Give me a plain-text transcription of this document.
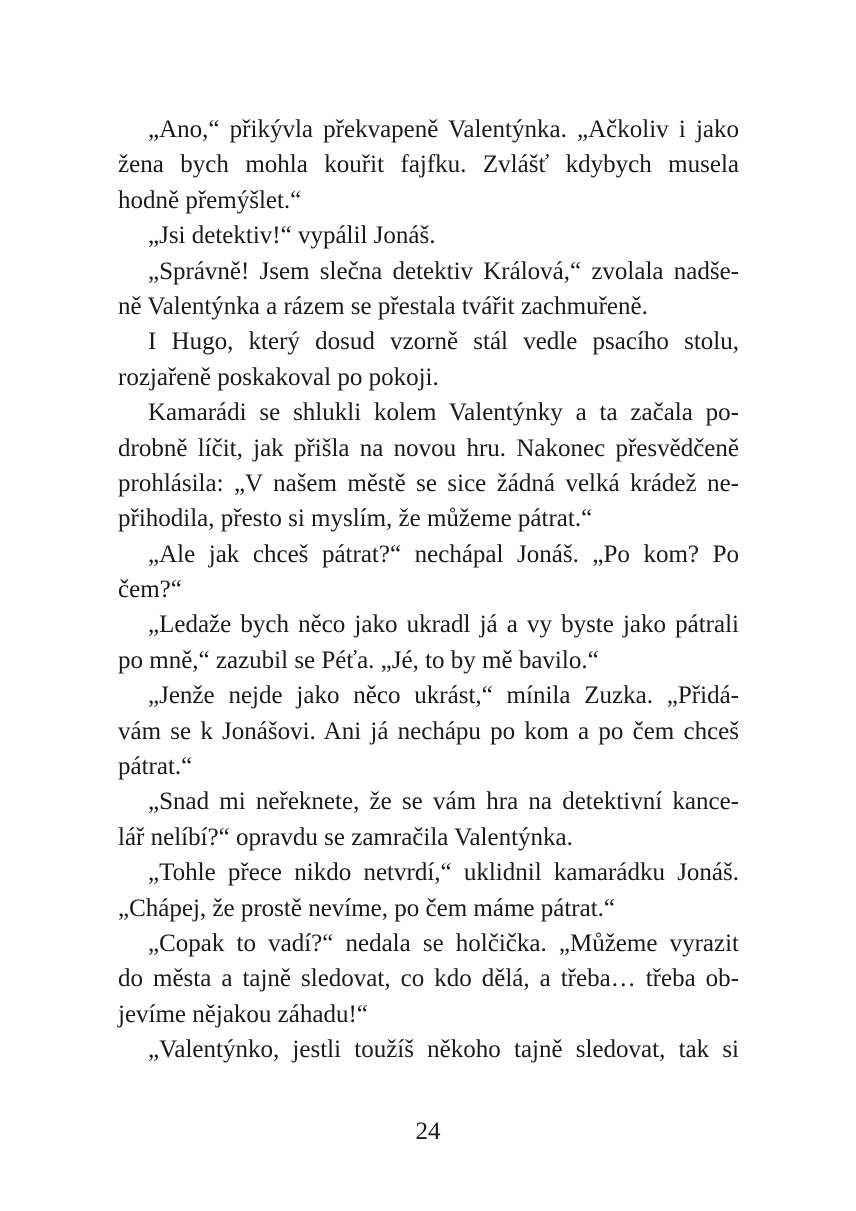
„Ano,“ přikývla překvapeně Valentýnka. „Ačkoliv i jako
žena bych mohla kouřit fajfku. Zvlášť kdybych musela
hodně přemýšlet.“
„Jsi detektiv!“ vypálil Jonáš.
„Správně! Jsem slečna detektiv Králová,“ zvolala nadše-
ně Valentýnka a rázem se přestala tvářit zachmuřeně.
I Hugo, který dosud vzorně stál vedle psacího stolu,
rozjařeně poskakoval po pokoji.
Kamarádi se shlukli kolem Valentýnky a ta začala po-
drobně líčit, jak přišla na novou hru. Nakonec přesvědčeně
prohlásila: „V našem městě se sice žádná velká krádež ne-
přihodila, přesto si myslím, že můžeme pátrat.“
„Ale jak chceš pátrat?“ nechápal Jonáš. „Po kom? Po
čem?“
„Ledaže bych něco jako ukradl já a vy byste jako pátrali
po mně,“ zazubil se Péťa. „Jé, to by mě bavilo.“
„Jenže nejde jako něco ukrást,“ mínila Zuzka. „Přidá-
vám se k Jonášovi. Ani já nechápu po kom a po čem chceš
pátrat.“
„Snad mi neřeknete, že se vám hra na detektivní kance-
lář nelíbí?“ opravdu se zamračila Valentýnka.
„Tohle přece nikdo netvrdí,“ uklidnil kamarádku Jonáš.
„Chápej, že prostě nevíme, po čem máme pátrat.“
„Copak to vadí?“ nedala se holčička. „Můžeme vyrazit
do města a tajně sledovat, co kdo dělá, a třeba… třeba ob-
jevíme nějakou záhadu!“
„Valentýnko, jestli toužíš někoho tajně sledovat, tak si
24
